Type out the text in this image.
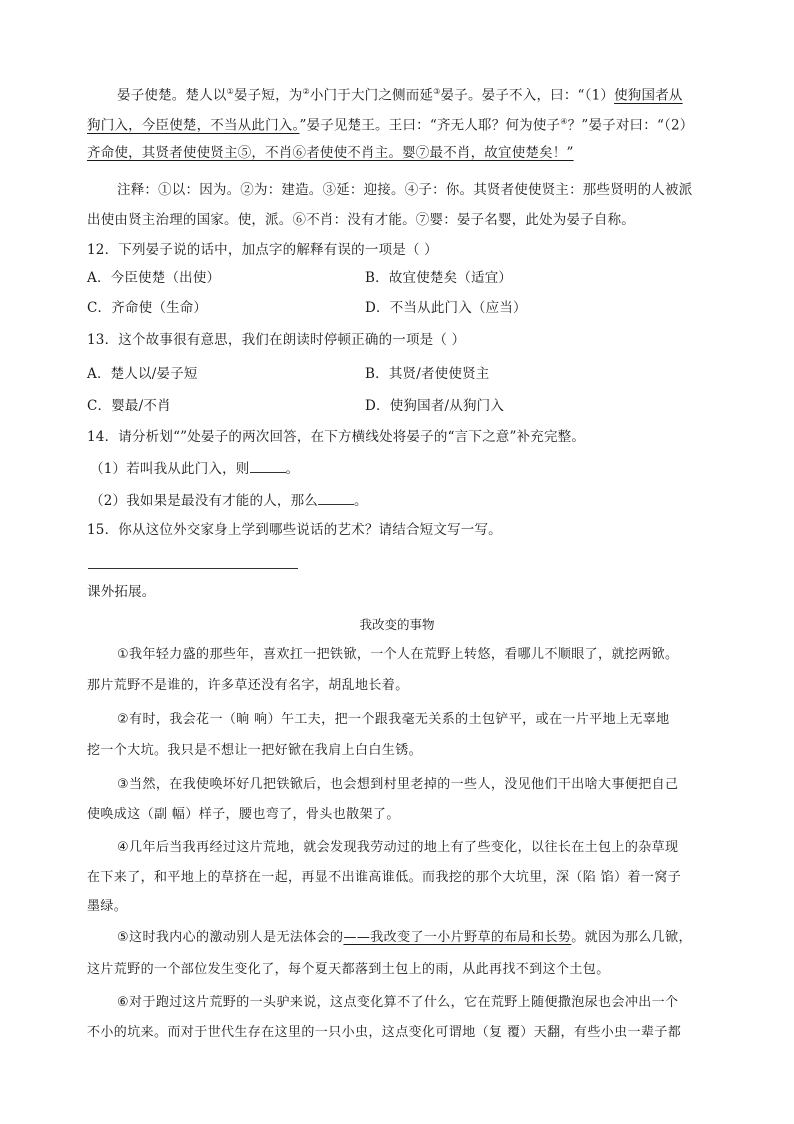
晏子使楚。楚人以①晏子短，为②小门于大门之侧而延③晏子。晏子不入，曰：“（1）使狗国者从
狗门入，今臣使楚，不当从此门入。”晏子见楚王。王曰：“齐无人耶？何为使子④？”晏子对曰：“（2）
齐命使，其贤者使使贤主⑤，不肖⑥者使使不肖主。婴⑦最不肖，故宜使楚矣！”
注释：①以：因为。②为：建造。③延：迎接。④子：你。其贤者使使贤主：那些贤明的人被派
出使由贤主治理的国家。使，派。⑥不肖：没有才能。⑦婴：晏子名婴，此处为晏子自称。
12．下列晏子说的话中，加点字的解释有误的一项是（ ）
A．今臣使楚（出使）	B．故宜使楚矣（适宜）
C．齐命使（生命）	D．不当从此门入（应当）
13．这个故事很有意思，我们在朗读时停顿正确的一项是（ ）
A．楚人以/晏子短	B．其贤/者使使贤主
C．婴最/不肖	D．使狗国者/从狗门入
14．请分析划“”处晏子的两次回答，在下方横线处将晏子的“言下之意”补充完整。
（1）若叫我从此门入，则	。
（2）我如果是最没有才能的人，那么	。
15．你从这位外交家身上学到哪些说话的艺术？请结合短文写一写。
课外拓展。
我改变的事物
①我年轻力盛的那些年，喜欢扛一把铁锨，一个人在荒野上转悠，看哪儿不顺眼了，就挖两锨。
那片荒野不是谁的，许多草还没有名字，胡乱地长着。
②有时，我会花一（晌 响）午工夫，把一个跟我毫无关系的土包铲平，或在一片平地上无辜地
挖一个大坑。我只是不想让一把好锨在我肩上白白生锈。
③当然，在我使唤坏好几把铁锨后，也会想到村里老掉的一些人，没见他们干出啥大事便把自己
使唤成这（副 幅）样子，腰也弯了，骨头也散架了。
④几年后当我再经过这片荒地，就会发现我劳动过的地上有了些变化，以往长在土包上的杂草现
在下来了，和平地上的草挤在一起，再显不出谁高谁低。而我挖的那个大坑里，深（陷 馅）着一窝子
墨绿。
⑤这时我内心的激动别人是无法体会的——我改变了一小片野草的布局和长势。就因为那么几锨，
这片荒野的一个部位发生变化了，每个夏天都落到土包上的雨，从此再找不到这个土包。
⑥对于跑过这片荒野的一头驴来说，这点变化算不了什么，它在荒野上随便撒泡尿也会冲出一个
不小的坑来。而对于世代生存在这里的一只小虫，这点变化可谓地（复 覆）天翻，有些小虫一辈子都
